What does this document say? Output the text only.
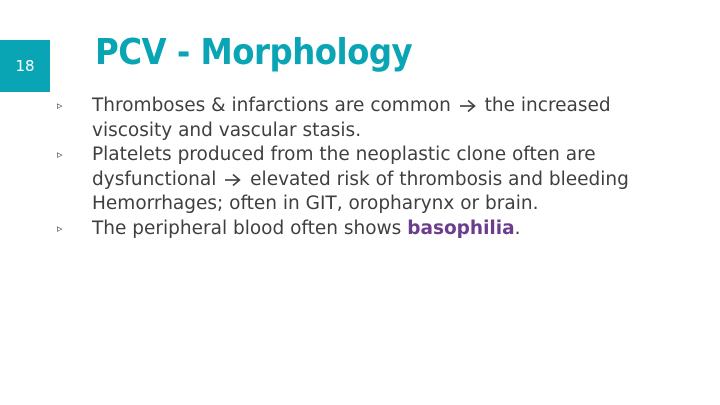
18 PCV - Morphology
▹ Thromboses & infarctions are common the increased viscosity and vascular stasis.
▹ Platelets produced from the neoplastic clone often are dysfunctional elevated risk of thrombosis and bleeding Hemorrhages; often in GIT, oropharynx or brain.
▹ The peripheral blood often shows basophilia.
